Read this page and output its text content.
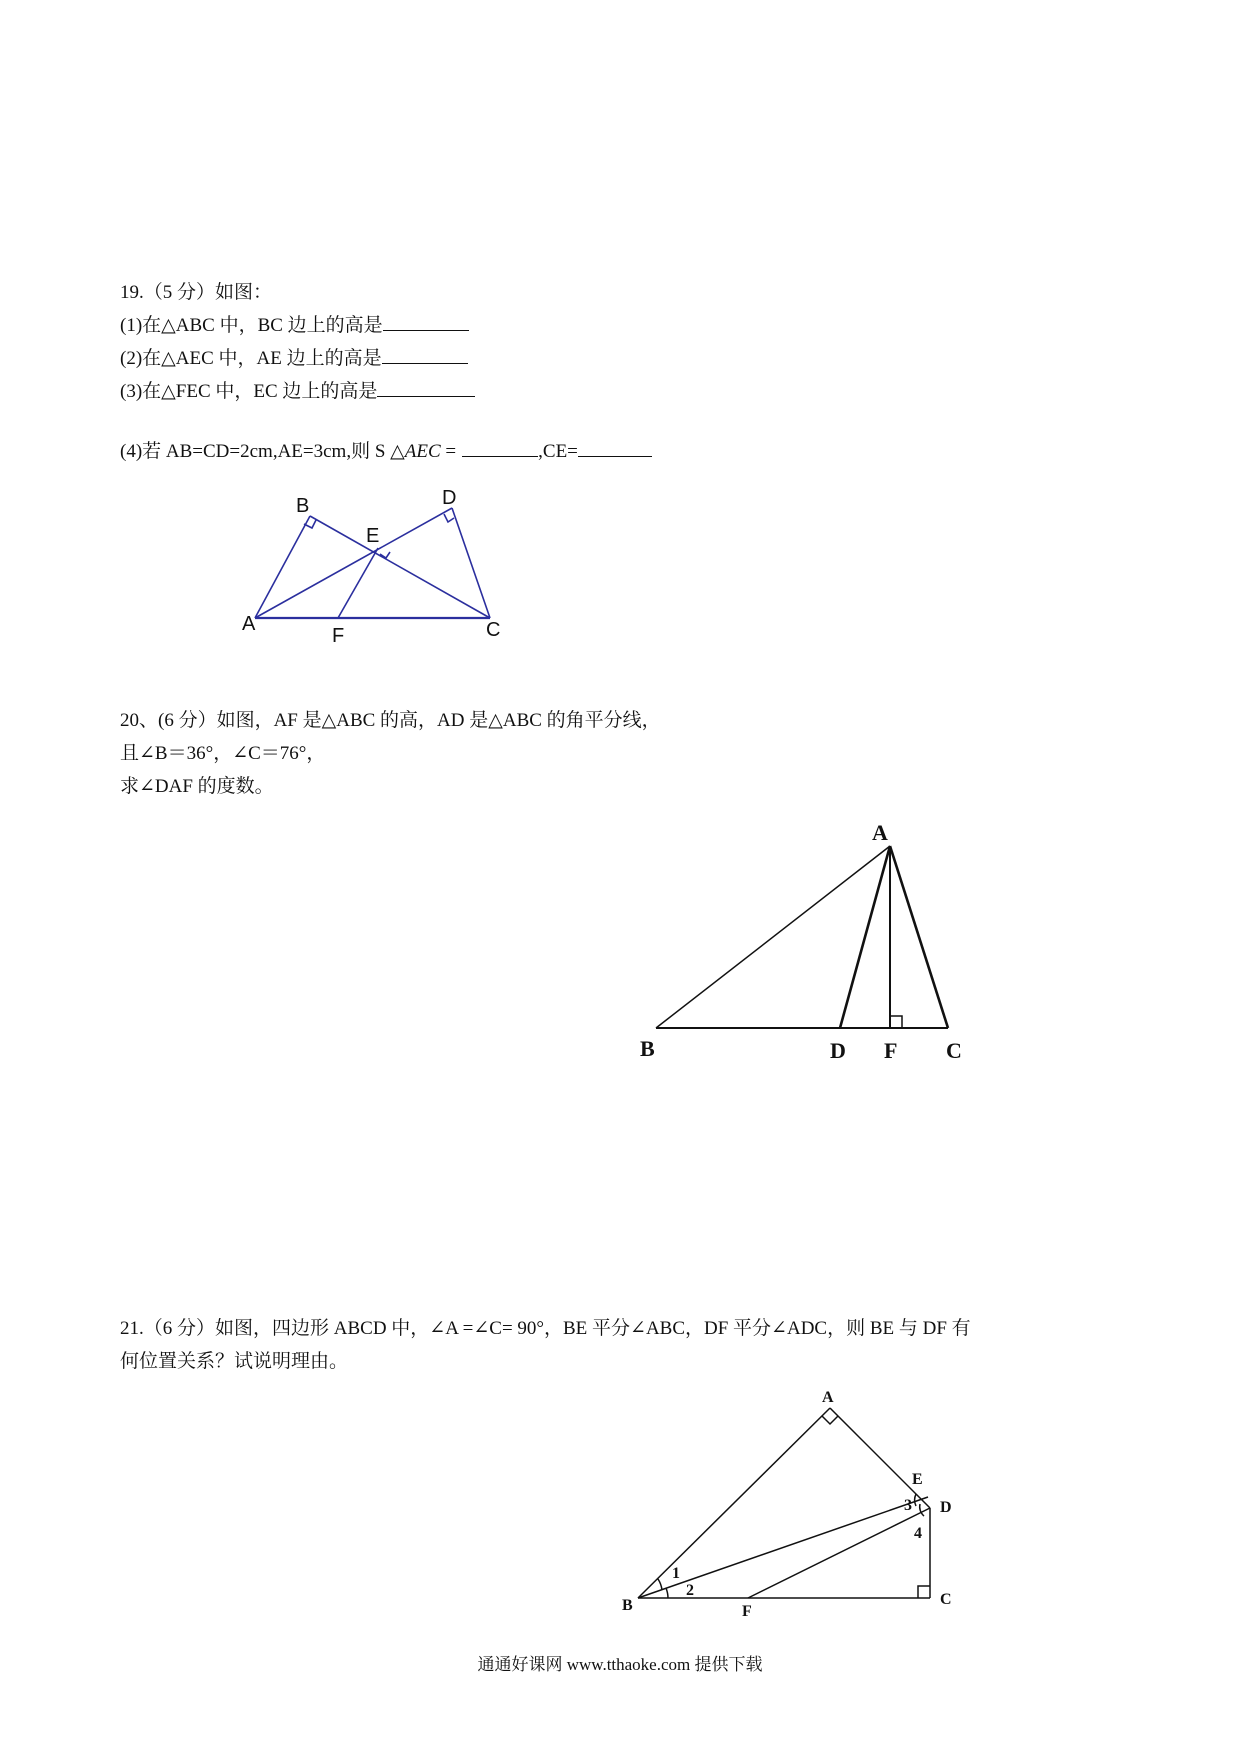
19.（5 分）如图：
(1)在△ABC 中，BC 边上的高是
(2)在△AEC 中，AE 边上的高是
(3)在△FEC 中，EC 边上的高是
(4)若 AB=CD=2cm,AE=3cm,则 S △AEC =	,CE=
B	D
E
A
F	C
20、(6 分）如图，AF 是△ABC 的高，AD 是△ABC 的角平分线，
且∠B＝36°，∠C＝76°，
求∠DAF 的度数。
A
B	D F C
21.（6 分）如图，四边形 ABCD 中，∠A =∠C= 90°，BE 平分∠ABC，DF 平分∠ADC，则 BE 与 DF 有
何位置关系？试说明理由。
A
E
D
C
B	F
1
2
3
4
通通好课网 www.tthaoke.com 提供下载
